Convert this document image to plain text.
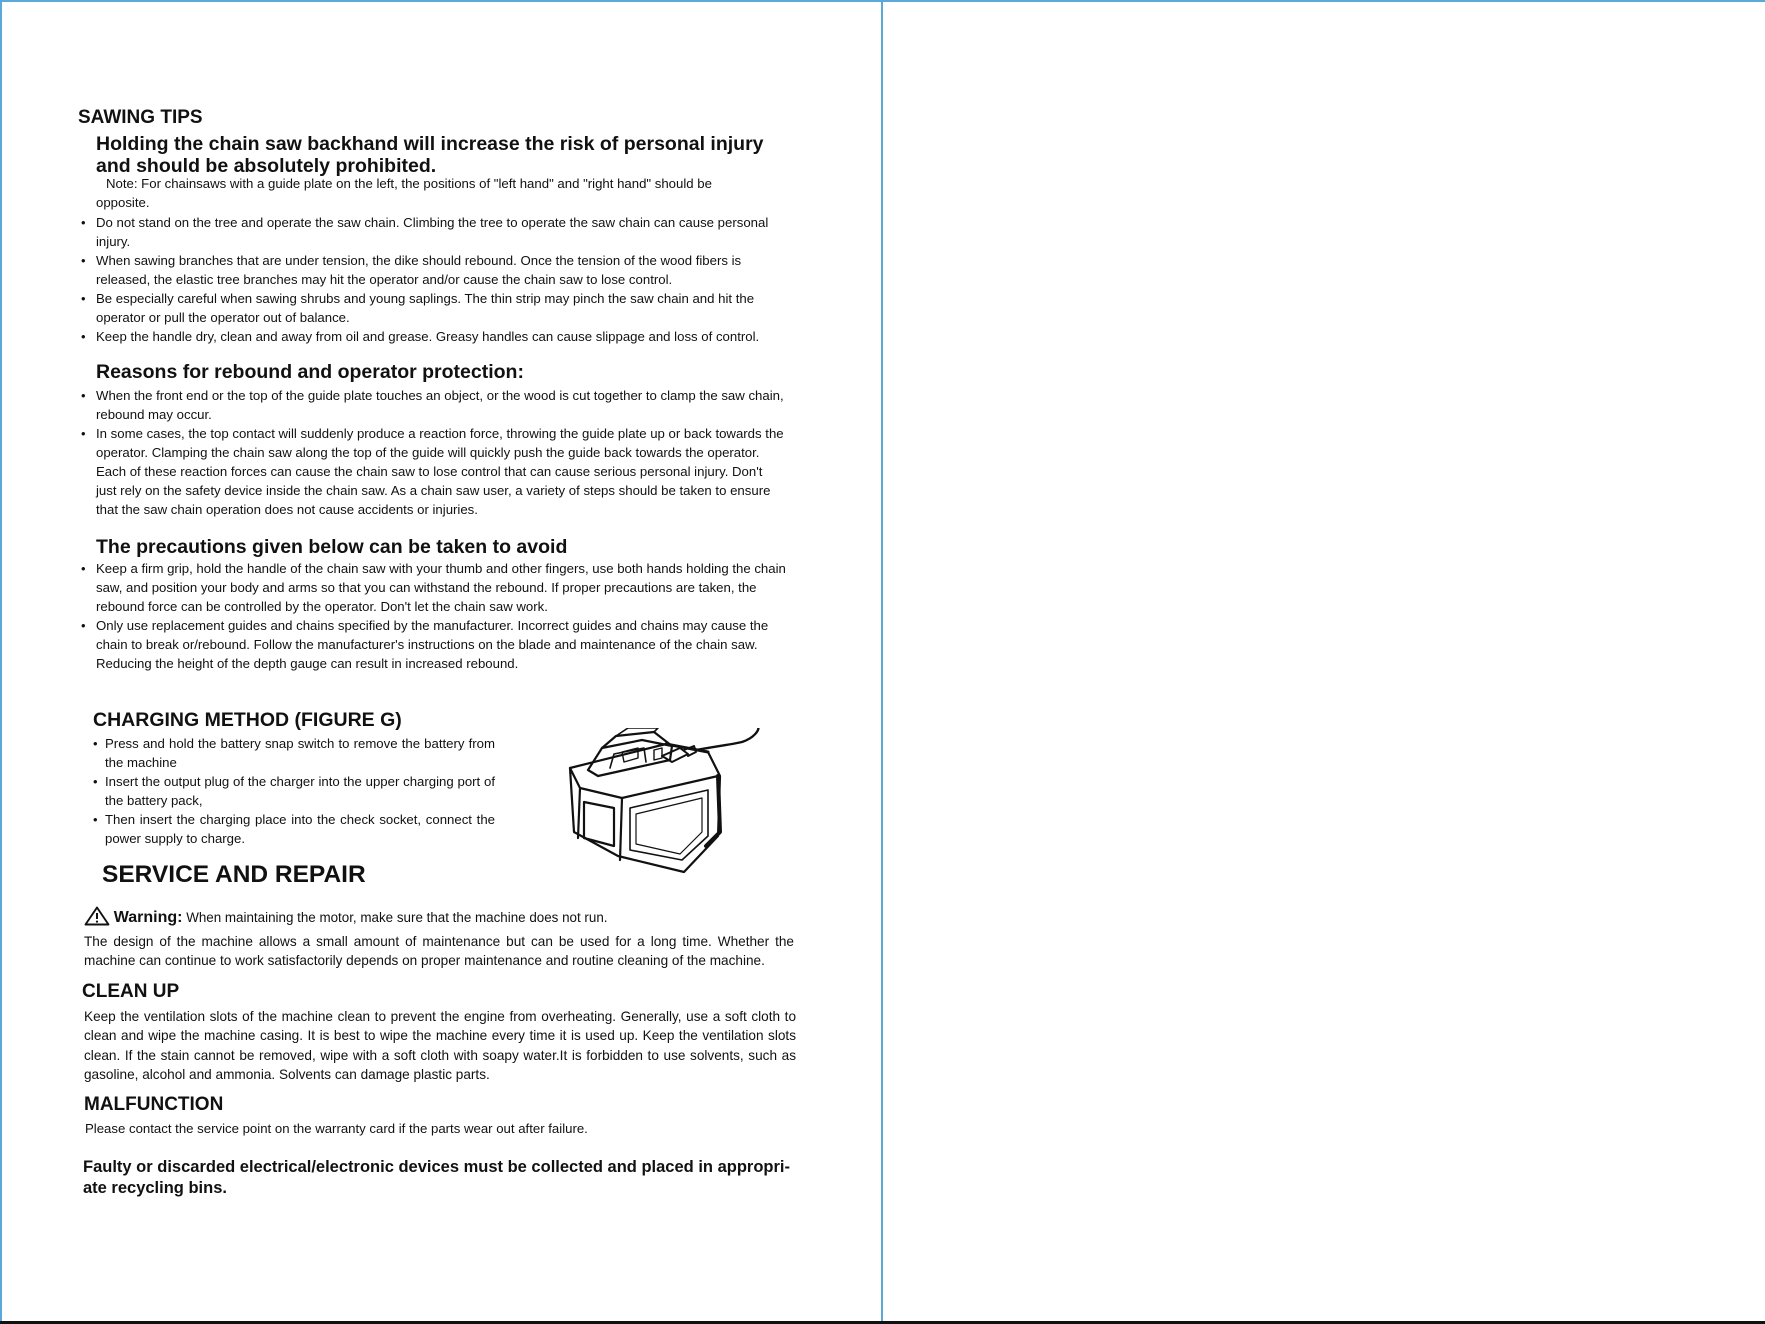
SAWING TIPS
Holding the chain saw backhand will increase the risk of personal injury and should be absolutely prohibited.

Note: For chainsaws with a guide plate on the left, the positions of "left hand" and "right hand" should be opposite.

• Do not stand on the tree and operate the saw chain. Climbing the tree to operate the saw chain can cause personal injury.
• When sawing branches that are under tension, the dike should rebound. Once the tension of the wood fibers is released, the elastic tree branches may hit the operator and/or cause the chain saw to lose control.
• Be especially careful when sawing shrubs and young saplings. The thin strip may pinch the saw chain and hit the operator or pull the operator out of balance.
• Keep the handle dry, clean and away from oil and grease. Greasy handles can cause slippage and loss of control.
Reasons for rebound and operator protection:
• When the front end or the top of the guide plate touches an object, or the wood is cut together to clamp the saw chain, rebound may occur.
• In some cases, the top contact will suddenly produce a reaction force, throwing the guide plate up or back towards the operator. Clamping the chain saw along the top of the guide will quickly push the guide back towards the operator. Each of these reaction forces can cause the chain saw to lose control that can cause serious personal injury. Don't just rely on the safety device inside the chain saw. As a chain saw user, a variety of steps should be taken to ensure that the saw chain operation does not cause accidents or injuries.
The precautions given below can be taken to avoid
• Keep a firm grip, hold the handle of the chain saw with your thumb and other fingers, use both hands holding the chain saw, and position your body and arms so that you can withstand the rebound. If proper precautions are taken, the rebound force can be controlled by the operator. Don't let the chain saw work.
• Only use replacement guides and chains specified by the manufacturer. Incorrect guides and chains may cause the chain to break or/rebound. Follow the manufacturer's instructions on the blade and maintenance of the chain saw. Reducing the height of the depth gauge can result in increased rebound.
CHARGING METHOD (FIGURE G)
• Press and hold the battery snap switch to remove the battery from the machine
• Insert the output plug of the charger into the upper charging port of the battery pack,
• Then insert the charging place into the check socket, connect the power supply to charge.
SERVICE AND REPAIR
Warning: When maintaining the motor, make sure that the machine does not run.

The design of the machine allows a small amount of maintenance but can be used for a long time. Whether the machine can continue to work satisfactorily depends on proper maintenance and routine cleaning of the machine.

CLEAN UP

Keep the ventilation slots of the machine clean to prevent the engine from overheating. Generally, use a soft cloth to clean and wipe the machine casing. It is best to wipe the machine every time it is used up. Keep the ventilation slots clean. If the stain cannot be removed, wipe with a soft cloth with soapy water.It is forbidden to use solvents, such as gasoline, alcohol and ammonia. Solvents can damage plastic parts.

MALFUNCTION

Please contact the service point on the warranty card if the parts wear out after failure.

Faulty or discarded electrical/electronic devices must be collected and placed in appropri-ate recycling bins.
